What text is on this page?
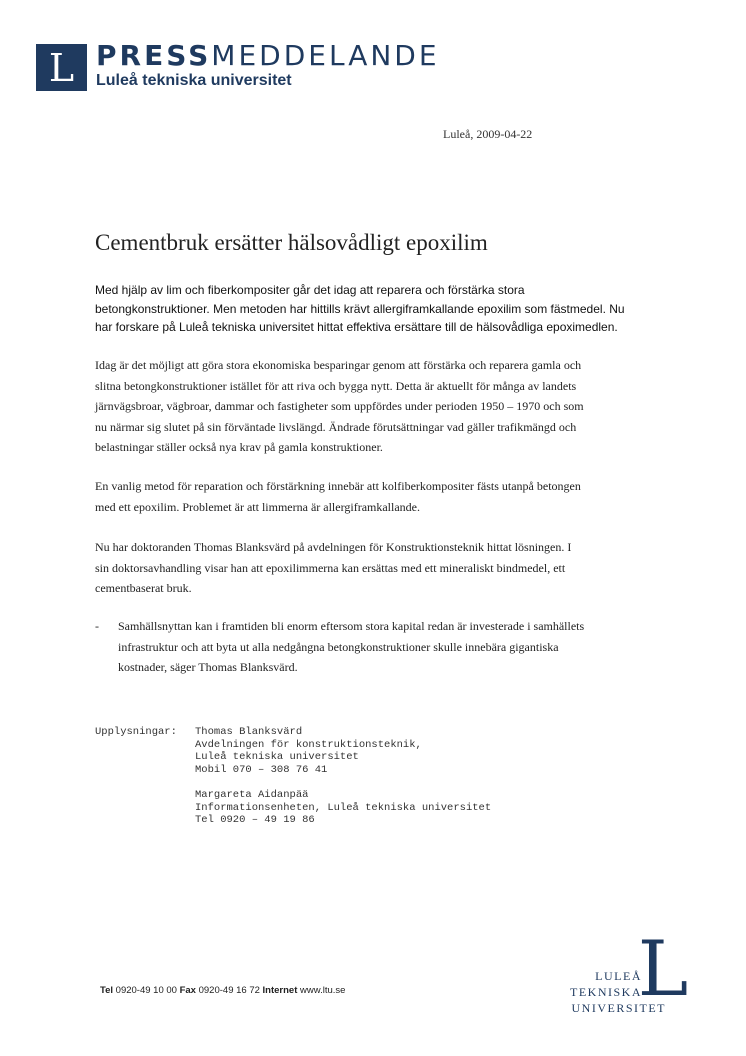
L PRESSMEDDELANDE
Luleå tekniska universitet
Luleå, 2009-04-22
Cementbruk ersätter hälsovådligt epoxilim
Med hjälp av lim och fiberkompositer går det idag att reparera och förstärka stora
betongkonstruktioner. Men metoden har hittills krävt allergiframkallande epoxilim som fästmedel. Nu
har forskare på Luleå tekniska universitet hittat effektiva ersättare till de hälsovådliga epoximedlen.
Idag är det möjligt att göra stora ekonomiska besparingar genom att förstärka och reparera gamla och
slitna betongkonstruktioner istället för att riva och bygga nytt. Detta är aktuellt för många av landets
järnvägsbroar, vägbroar, dammar och fastigheter som uppfördes under perioden 1950 – 1970 och som
nu närmar sig slutet på sin förväntade livslängd. Ändrade förutsättningar vad gäller trafikmängd och
belastningar ställer också nya krav på gamla konstruktioner.
En vanlig metod för reparation och förstärkning innebär att kolfiberkompositer fästs utanpå betongen
med ett epoxilim. Problemet är att limmerna är allergiframkallande.
Nu har doktoranden Thomas Blanksvärd på avdelningen för Konstruktionsteknik hittat lösningen. I
sin doktorsavhandling visar han att epoxilimmerna kan ersättas med ett mineraliskt bindmedel, ett
cementbaserat bruk.
- Samhällsnyttan kan i framtiden bli enorm eftersom stora kapital redan är investerade i samhällets
infrastruktur och att byta ut alla nedgångna betongkonstruktioner skulle innebära gigantiska
kostnader, säger Thomas Blanksvärd.
Upplysningar: Thomas Blanksvärd
Avdelningen för konstruktionsteknik,
Luleå tekniska universitet
Mobil 070 – 308 76 41
Margareta Aidanpää
Informationsenheten, Luleå tekniska universitet
Tel 0920 – 49 19 86
Tel 0920-49 10 00 Fax 0920-49 16 72 Internet www.ltu.se	L
LULEÅ
TEKNISKA
UNIVERSITET
